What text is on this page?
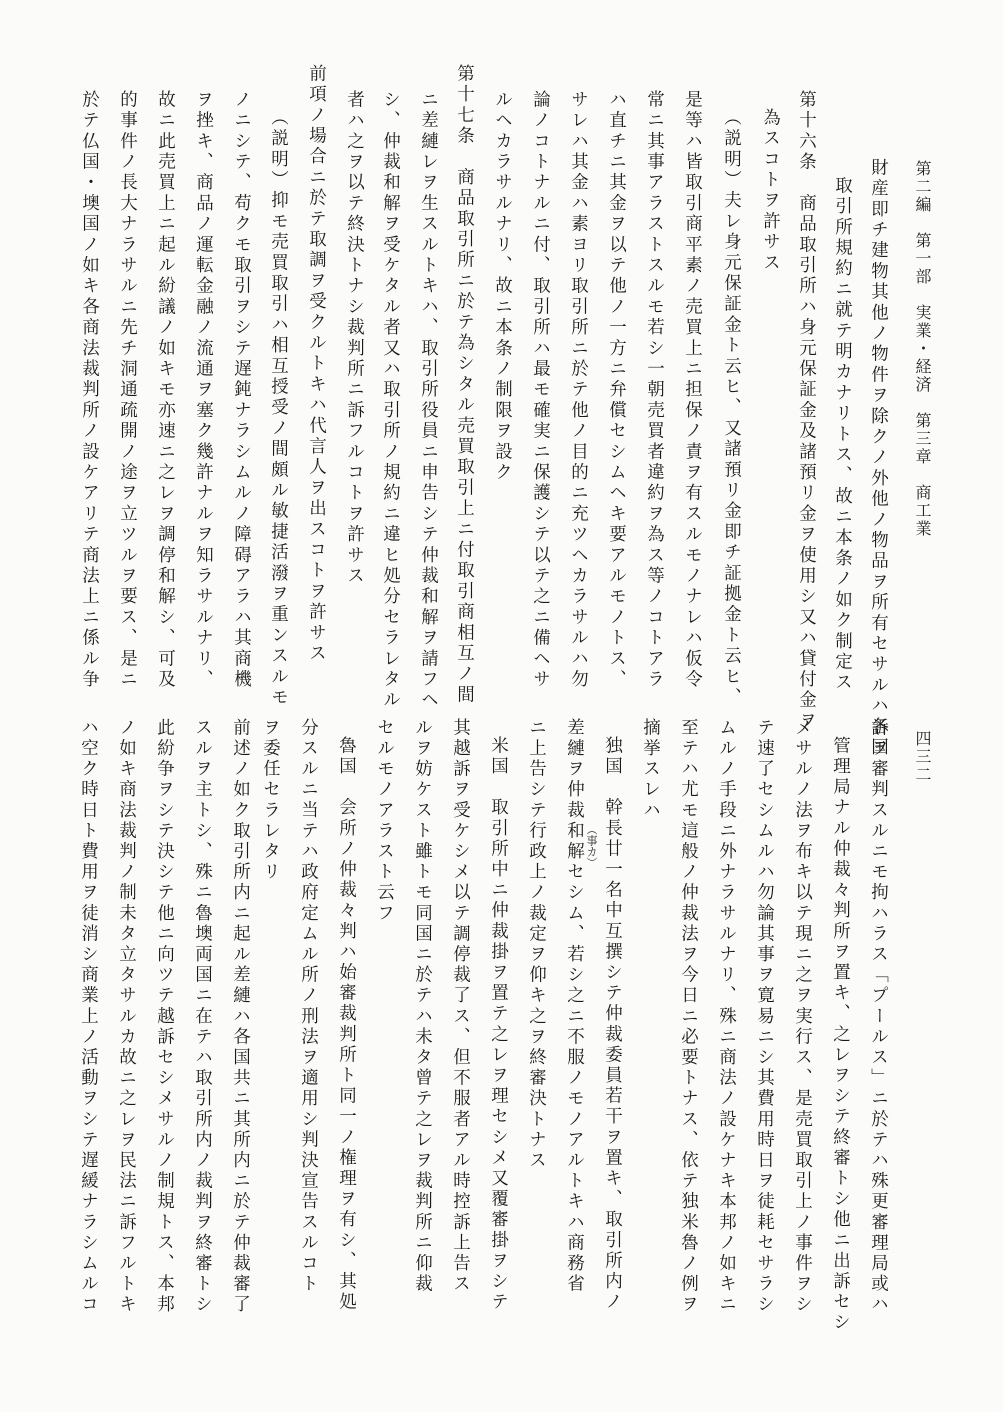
第二編　第一部　実業・経済　第三章　商工業
四三二
財産即チ建物其他ノ物件ヲ除クノ外他ノ物品ヲ所有セサルハ各国
取引所規約ニ就テ明カナリトス、故ニ本条ノ如ク制定ス
第十六条　商品取引所ハ身元保証金及諸預リ金ヲ使用シ又ハ貸付金ヲ
為スコトヲ許サス
（説明）夫レ身元保証金ト云ヒ、又諸預リ金即チ証拠金ト云ヒ、
是等ハ皆取引商平素ノ売買上ニ担保ノ責ヲ有スルモノナレハ仮令
常ニ其事アラストスルモ若シ一朝売買者違約ヲ為ス等ノコトアラ
ハ直チニ其金ヲ以テ他ノ一方ニ弁償セシムヘキ要アルモノトス、
サレハ其金ハ素ヨリ取引所ニ於テ他ノ目的ニ充ツヘカラサルハ勿
論ノコトナルニ付、取引所ハ最モ確実ニ保護シテ以テ之ニ備ヘサ
ルヘカラサルナリ、故ニ本条ノ制限ヲ設ク
第十七条　商品取引所ニ於テ為シタル売買取引上ニ付取引商相互ノ間
ニ差縺レヲ生スルトキハ、取引所役員ニ申告シテ仲裁和解ヲ請フヘ
シ、仲裁和解ヲ受ケタル者又ハ取引所ノ規約ニ違ヒ処分セラレタル
者ハ之ヲ以テ終決トナシ裁判所ニ訴フルコトヲ許サス
前項ノ場合ニ於テ取調ヲ受クルトキハ代言人ヲ出スコトヲ許サス
（説明）抑モ売買取引ハ相互授受ノ間頗ル敏捷活潑ヲ重ンスルモ
ノニシテ、苟クモ取引ヲシテ遅鈍ナラシムルノ障碍アラハ其商機
ヲ挫キ、商品ノ運転金融ノ流通ヲ塞ク幾許ナルヲ知ラサルナリ、
故ニ此売買上ニ起ル紛議ノ如キモ亦速ニ之レヲ調停和解シ、可及
的事件ノ長大ナラサルニ先チ洞通疏開ノ途ヲ立ツルヲ要ス、是ニ
於テ仏国・墺国ノ如キ各商法裁判所ノ設ケアリテ商法上ニ係ル争
訴ヲ審判スルニモ拘ハラス「プールス」ニ於テハ殊更審理局或ハ
管理局ナル仲裁々判所ヲ置キ、之レヲシテ終審トシ他ニ出訴セシ
メサルノ法ヲ布キ以テ現ニ之ヲ実行ス、是売買取引上ノ事件ヲシ
テ速了セシムルハ勿論其事ヲ寛易ニシ其費用時日ヲ徒耗セサラシ
ムルノ手段ニ外ナラサルナリ、殊ニ商法ノ設ケナキ本邦ノ如キニ
至テハ尤モ這般ノ仲裁法ヲ今日ニ必要トナス、依テ独米魯ノ例ヲ
摘挙スレハ
独国　幹長廿一名中互撰シテ仲裁委員若干ヲ置キ、取引所内ノ
（事カ）
差縺ヲ仲裁和解セシム、若シ之ニ不服ノモノアルトキハ商務省
ニ上告シテ行政上ノ裁定ヲ仰キ之ヲ終審決トナス
米国　取引所中ニ仲裁掛ヲ置テ之レヲ理セシメ又覆審掛ヲシテ
其越訴ヲ受ケシメ以テ調停裁了ス、但不服者アル時控訴上告ス
ルヲ妨ケスト雖トモ同国ニ於テハ未タ曾テ之レヲ裁判所ニ仰裁
セルモノアラスト云フ
魯国　会所ノ仲裁々判ハ始審裁判所ト同一ノ権理ヲ有シ、其処
分スルニ当テハ政府定ムル所ノ刑法ヲ適用シ判決宣告スルコト
ヲ委任セラレタリ
前述ノ如ク取引所内ニ起ル差縺ハ各国共ニ其所内ニ於テ仲裁審了
スルヲ主トシ、殊ニ魯墺両国ニ在テハ取引所内ノ裁判ヲ終審トシ
此紛争ヲシテ決シテ他ニ向ツテ越訴セシメサルノ制規トス、本邦
ノ如キ商法裁判ノ制未タ立タサルカ故ニ之レヲ民法ニ訴フルトキ
ハ空ク時日ト費用ヲ徒消シ商業上ノ活動ヲシテ遅緩ナラシムルコ
